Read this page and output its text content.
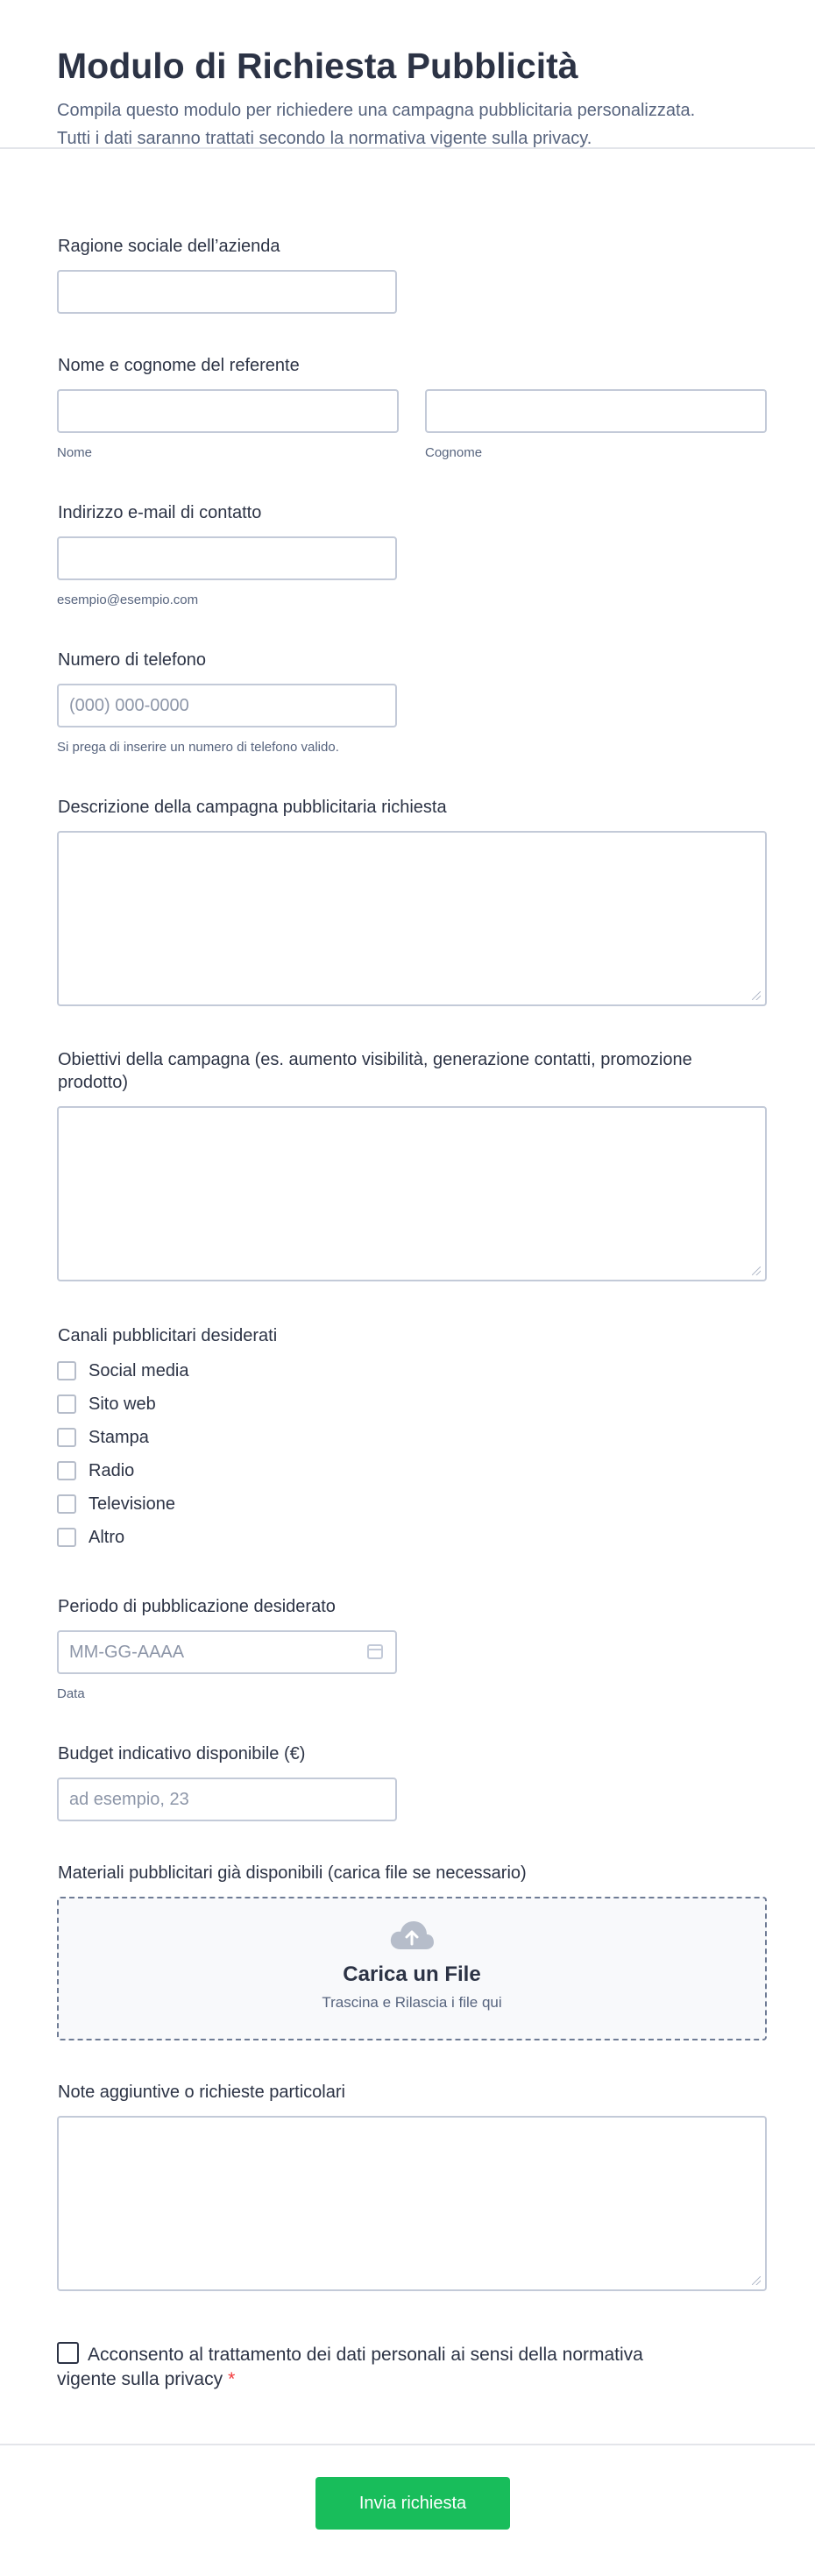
Modulo di Richiesta Pubblicità
Compila questo modulo per richiedere una campagna pubblicitaria personalizzata.
Tutti i dati saranno trattati secondo la normativa vigente sulla privacy.
Ragione sociale dell’azienda
Nome e cognome del referente
Nome	Cognome
Indirizzo e-mail di contatto
esempio@esempio.com
Numero di telefono
(000) 000-0000
Si prega di inserire un numero di telefono valido.
Descrizione della campagna pubblicitaria richiesta
Obiettivi della campagna (es. aumento visibilità, generazione contatti, promozione prodotto)
Canali pubblicitari desiderati
Social media
Sito web
Stampa
Radio
Televisione
Altro
Periodo di pubblicazione desiderato
MM-GG-AAAA
Data
Budget indicativo disponibile (€)
ad esempio, 23
Materiali pubblicitari già disponibili (carica file se necessario)
Carica un File
Trascina e Rilascia i file qui
Note aggiuntive o richieste particolari
Acconsento al trattamento dei dati personali ai sensi della normativa vigente sulla privacy *
Invia richiesta
